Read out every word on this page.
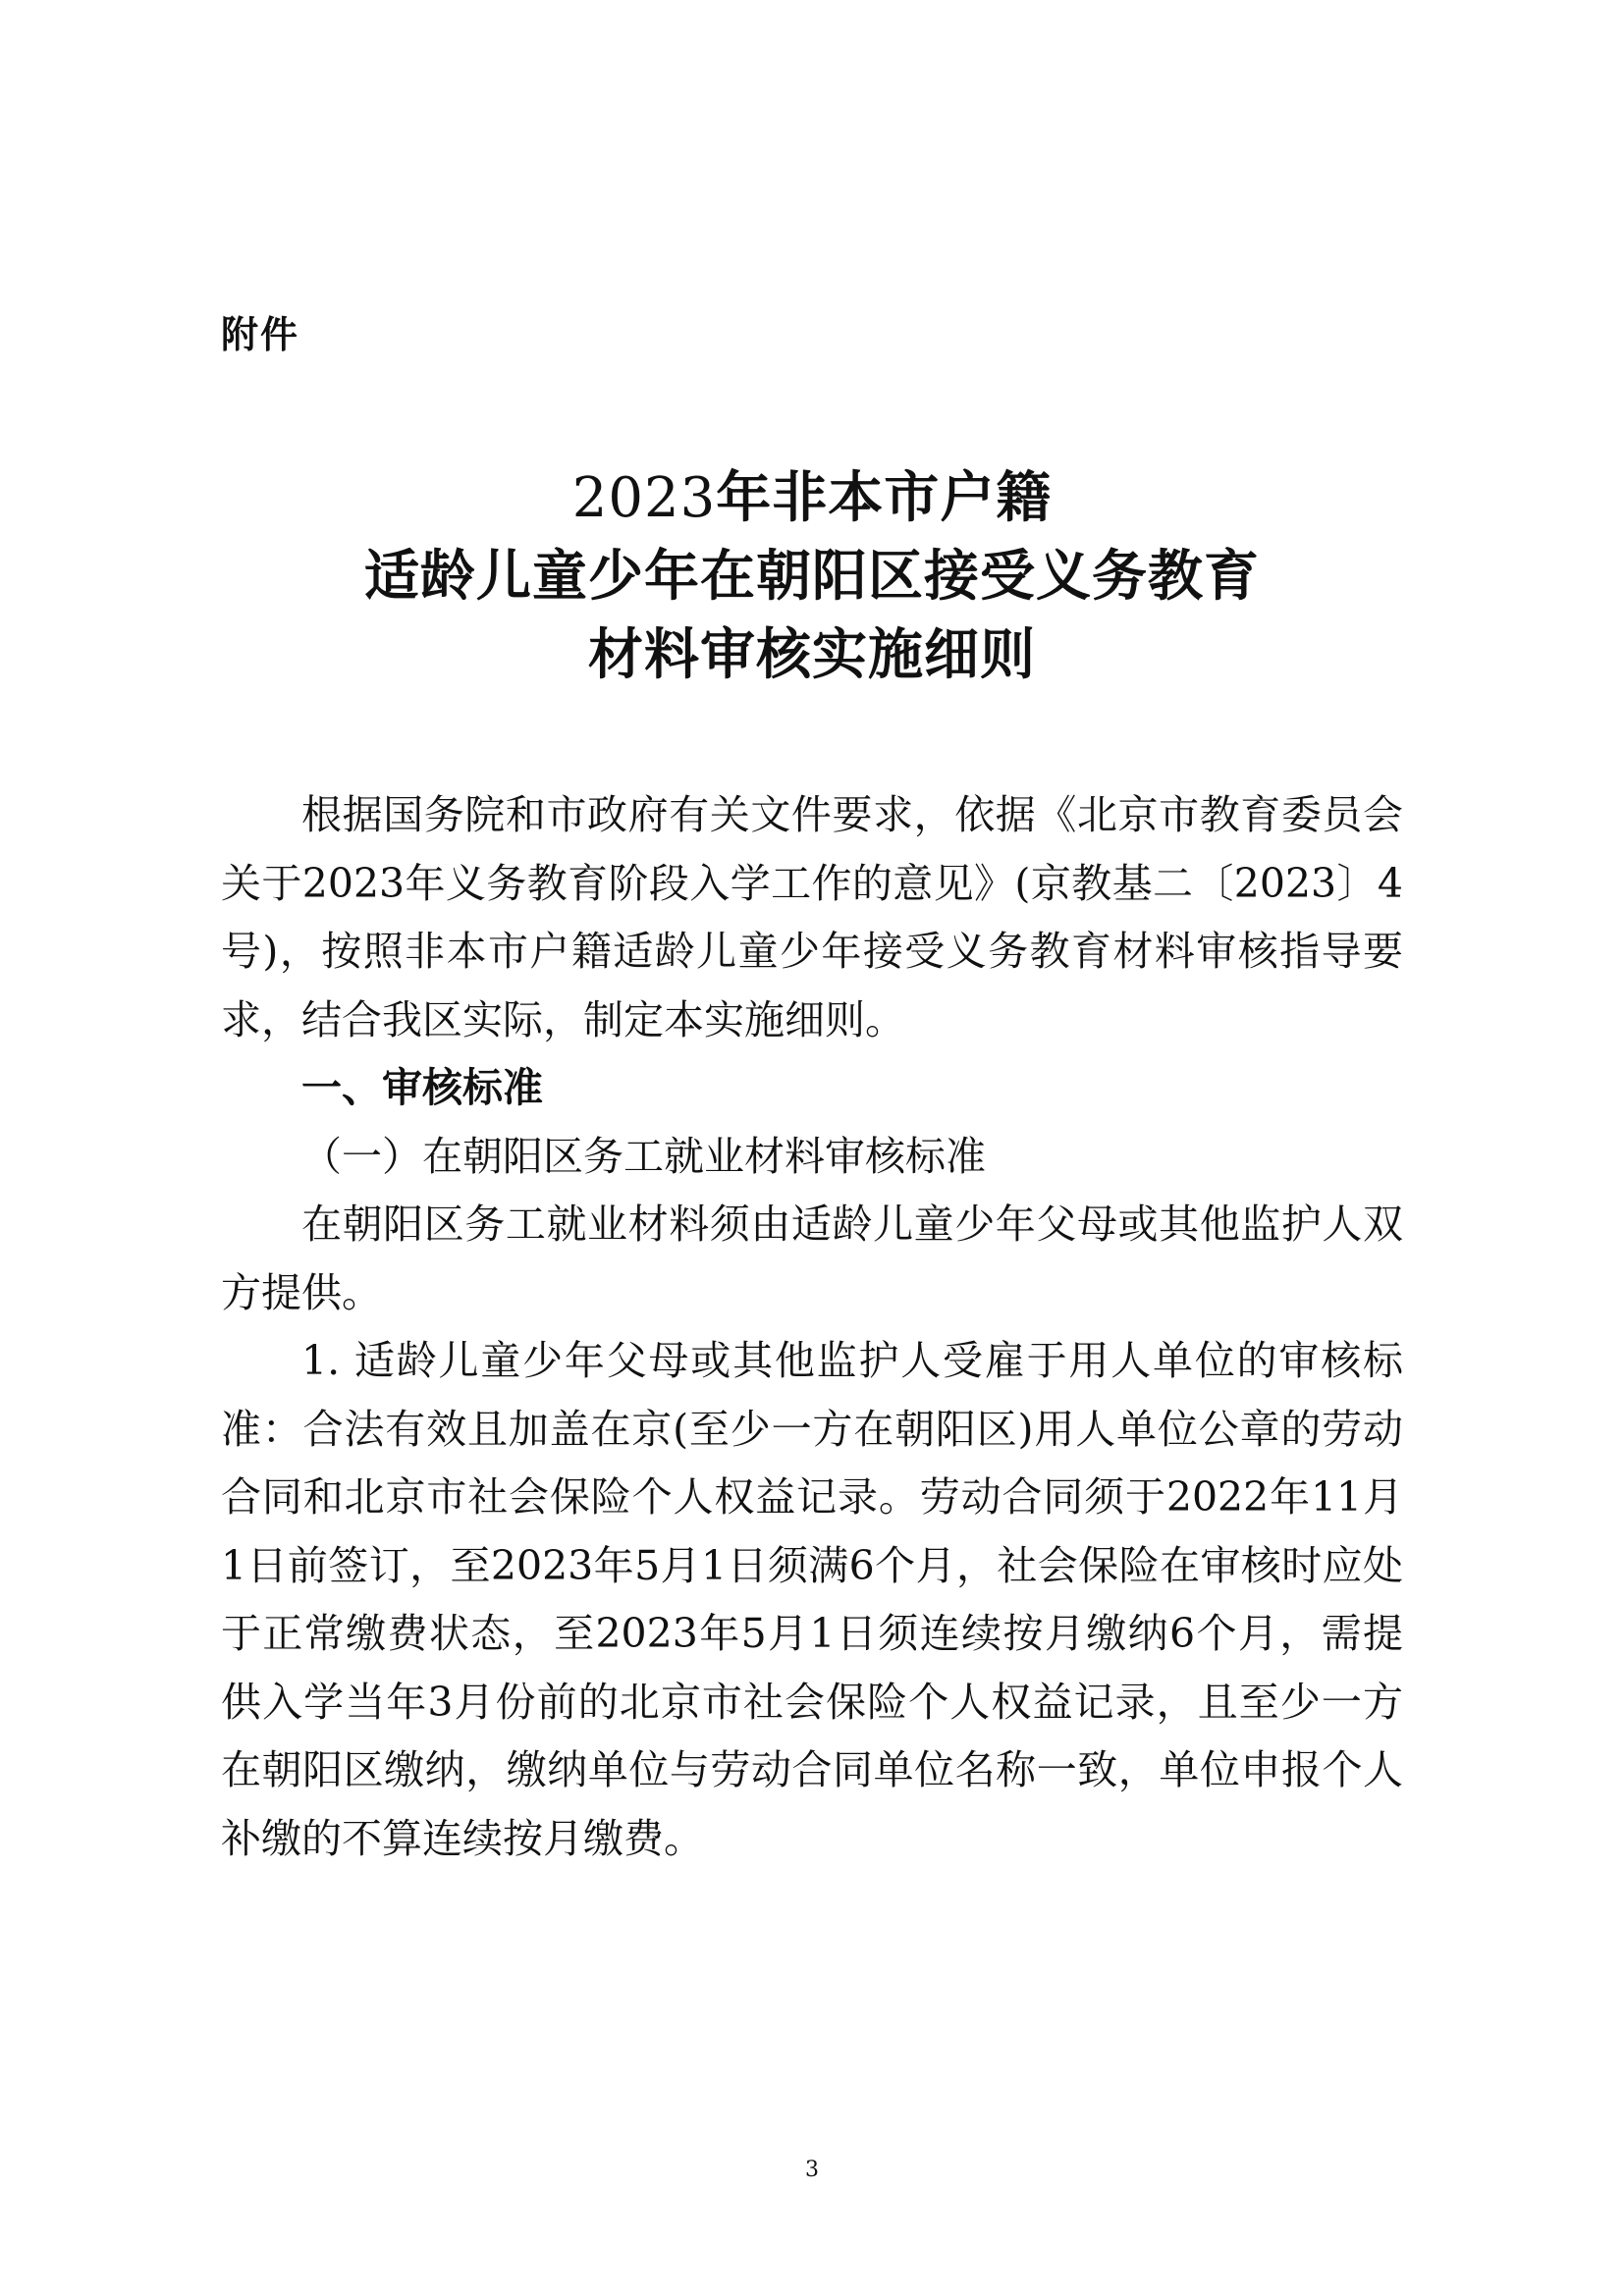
附件
2023年非本市户籍
适龄儿童少年在朝阳区接受义务教育
材料审核实施细则

根据国务院和市政府有关文件要求，依据《北京市教育委员会关于2023年义务教育阶段入学工作的意见》(京教基二〔2023〕4号)，按照非本市户籍适龄儿童少年接受义务教育材料审核指导要求，结合我区实际，制定本实施细则。

一、审核标准

（一）在朝阳区务工就业材料审核标准

在朝阳区务工就业材料须由适龄儿童少年父母或其他监护人双方提供。

1. 适龄儿童少年父母或其他监护人受雇于用人单位的审核标准：合法有效且加盖在京(至少一方在朝阳区)用人单位公章的劳动合同和北京市社会保险个人权益记录。劳动合同须于2022年11月1日前签订，至2023年5月1日须满6个月，社会保险在审核时应处于正常缴费状态，至2023年5月1日须连续按月缴纳6个月，需提供入学当年3月份前的北京市社会保险个人权益记录，且至少一方在朝阳区缴纳，缴纳单位与劳动合同单位名称一致，单位申报个人补缴的不算连续按月缴费。

3
